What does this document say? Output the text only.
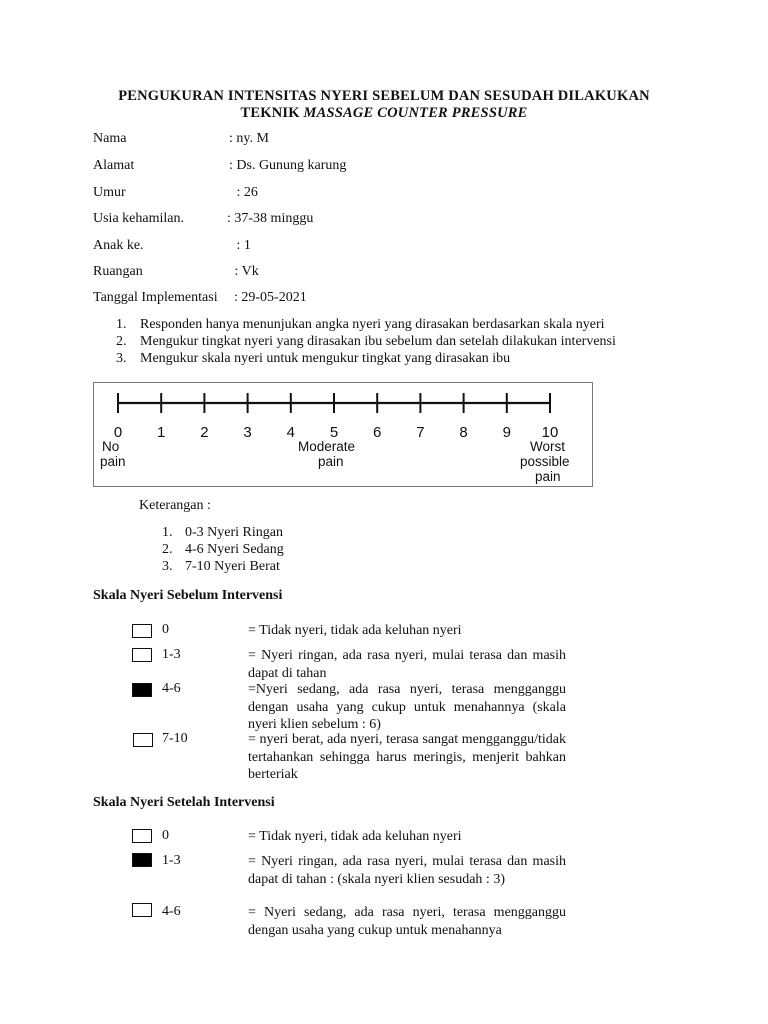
PENGUKURAN INTENSITAS NYERI SEBELUM DAN SESUDAH DILAKUKAN
TEKNIK MASSAGE COUNTER PRESSURE
Nama	: ny. M
Alamat	: Ds. Gunung karung
Umur	: 26
Usia kehamilan.	: 37-38 minggu
Anak ke.	: 1
Ruangan	: Vk
Tanggal Implementasi : 29-05-2021
1. Responden hanya menunjukan angka nyeri yang dirasakan berdasarkan skala nyeri
2. Mengukur tingkat nyeri yang dirasakan ibu sebelum dan setelah dilakukan intervensi
3. Mengukur skala nyeri untuk mengukur tingkat yang dirasakan ibu
0 1 2 3 4 5 6 7 8 9 10
No
pain
Moderate
pain
Worst
possible
pain
Keterangan :
1. 0-3 Nyeri Ringan
2. 4-6 Nyeri Sedang
3. 7-10 Nyeri Berat
Skala Nyeri Sebelum Intervensi
0	= Tidak nyeri, tidak ada keluhan nyeri
1-3	= Nyeri ringan, ada rasa nyeri, mulai terasa dan masih dapat di tahan
4-6	=Nyeri sedang, ada rasa nyeri, terasa mengganggu dengan usaha yang cukup untuk menahannya (skala nyeri klien sebelum : 6)
7-10	= nyeri berat, ada nyeri, terasa sangat mengganggu/tidak tertahankan sehingga harus meringis, menjerit bahkan berteriak
Skala Nyeri Setelah Intervensi
0	= Tidak nyeri, tidak ada keluhan nyeri
1-3	= Nyeri ringan, ada rasa nyeri, mulai terasa dan masih dapat di tahan : (skala nyeri klien sesudah : 3)
4-6	= Nyeri sedang, ada rasa nyeri, terasa mengganggu dengan usaha yang cukup untuk menahannya
